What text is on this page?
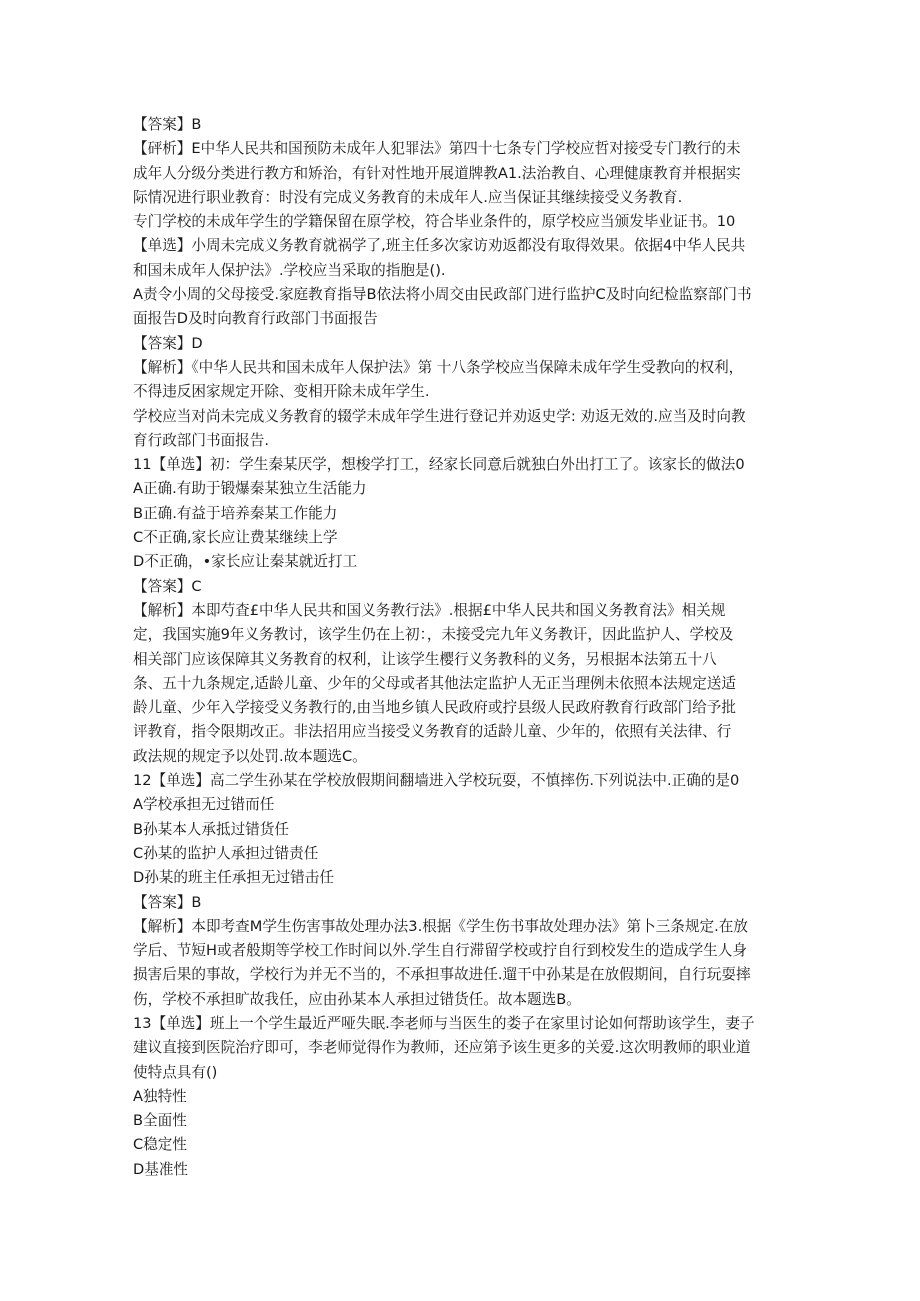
【答案】B
【砰析】E中华人民共和国预防未成年人犯罪法》第四十七条专门学校应哲对接受专门教行的未
成年人分级分类进行教方和矫治，有针对性地开展道牌教A1.法治教自、心理健康教育并根据实
际情况进行职业教育：时没有完成义务教育的未成年人.应当保证其继续接受义务教育.
专门学校的未成年学生的学籍保留在原学校，符合毕业条件的，原学校应当颁发毕业证书。10
【单选】小周未完成义务教育就祸学了,班主任多次家访劝返都没有取得效果。依据4中华人民共
和国未成年人保护法》.学校应当采取的指胞是().
A责令小周的父母接受.家庭教育指导B依法将小周交由民政部门进行监护C及时向纪检监察部门书
面报告D及时向教育行政部门书面报告
【答案】D
【解析】《中华人民共和国未成年人保护法》第 十八条学校应当保障未成年学生受教向的权利，
不得违反困家规定开除、变相开除未成年学生.
学校应当对尚未完成义务教育的辍学未成年学生进行登记并劝返史学: 劝返无效的.应当及时向教
育行政部门书面报告.
11【单选】初：学生秦某厌学，想梭学打工，经家长同意后就独白外出打工了。该家长的做法0
A正确.有助于锻爆秦某独立生活能力
B正确.有益于培养秦某工作能力
C不正确,家长应让费某继续上学
D不正确，•家长应让秦某就近打工
【答案】C
【解析】本即芍査£中华人民共和国义务教行法》.根据£中华人民共和国义务教育法》相关规
定，我国实施9年义务教讨，该学生仍在上初：，未接受完九年义务教讦，因此监护人、学校及
相关部门应该保障其义务教育的权利，让该学生樱行义务教科的义务，另根据本法第五十八
条、五十九条规定,适龄儿童、少年的父母或者其他法定监护人无正当理例未依照本法规定送适
龄儿童、少年入学接受义务教行的,由当地乡镇人民政府或拧县级人民政府教育行政部门给予批
评教育，指令限期改正。非法招用应当接受义务教育的适龄儿童、少年的，依照有关法律、行
政法规的规定予以处罚.故本题选C。
12【单选】高二学生孙某在学校放假期间翻墙进入学校玩耍，不慎摔伤.下列说法中.正确的是0
A学校承担无过错而任
B孙某本人承抵过错货任
C孙某的监护人承担过错责任
D孙某的班主任承担无过错击任
【答案】B
【解析】本即考查M学生伤害事故处理办法3.根据《学生伤书事故处理办法》第卜三条规定.在放
学后、节短H或者般期等学校工作时间以外.学生自行滞留学校或拧自行到校发生的造成学生人身
损害后果的事故，学校行为并无不当的，不承担事故进任.遛干中孙某是在放假期间，自行玩耍摔
伤，学校不承担旷故我任，应由孙某本人承担过错货任。故本题选B。
13【单选】班上一个学生最近严哑失眠.李老师与当医生的娄子在家里讨论如何帮助该学生，妻子
建议直接到医院治疗即可，李老师觉得作为教师，还应第予该生更多的关爱.这次明教师的职业道
使特点具有()
A独特性
B全面性
C稳定性
D基准性
